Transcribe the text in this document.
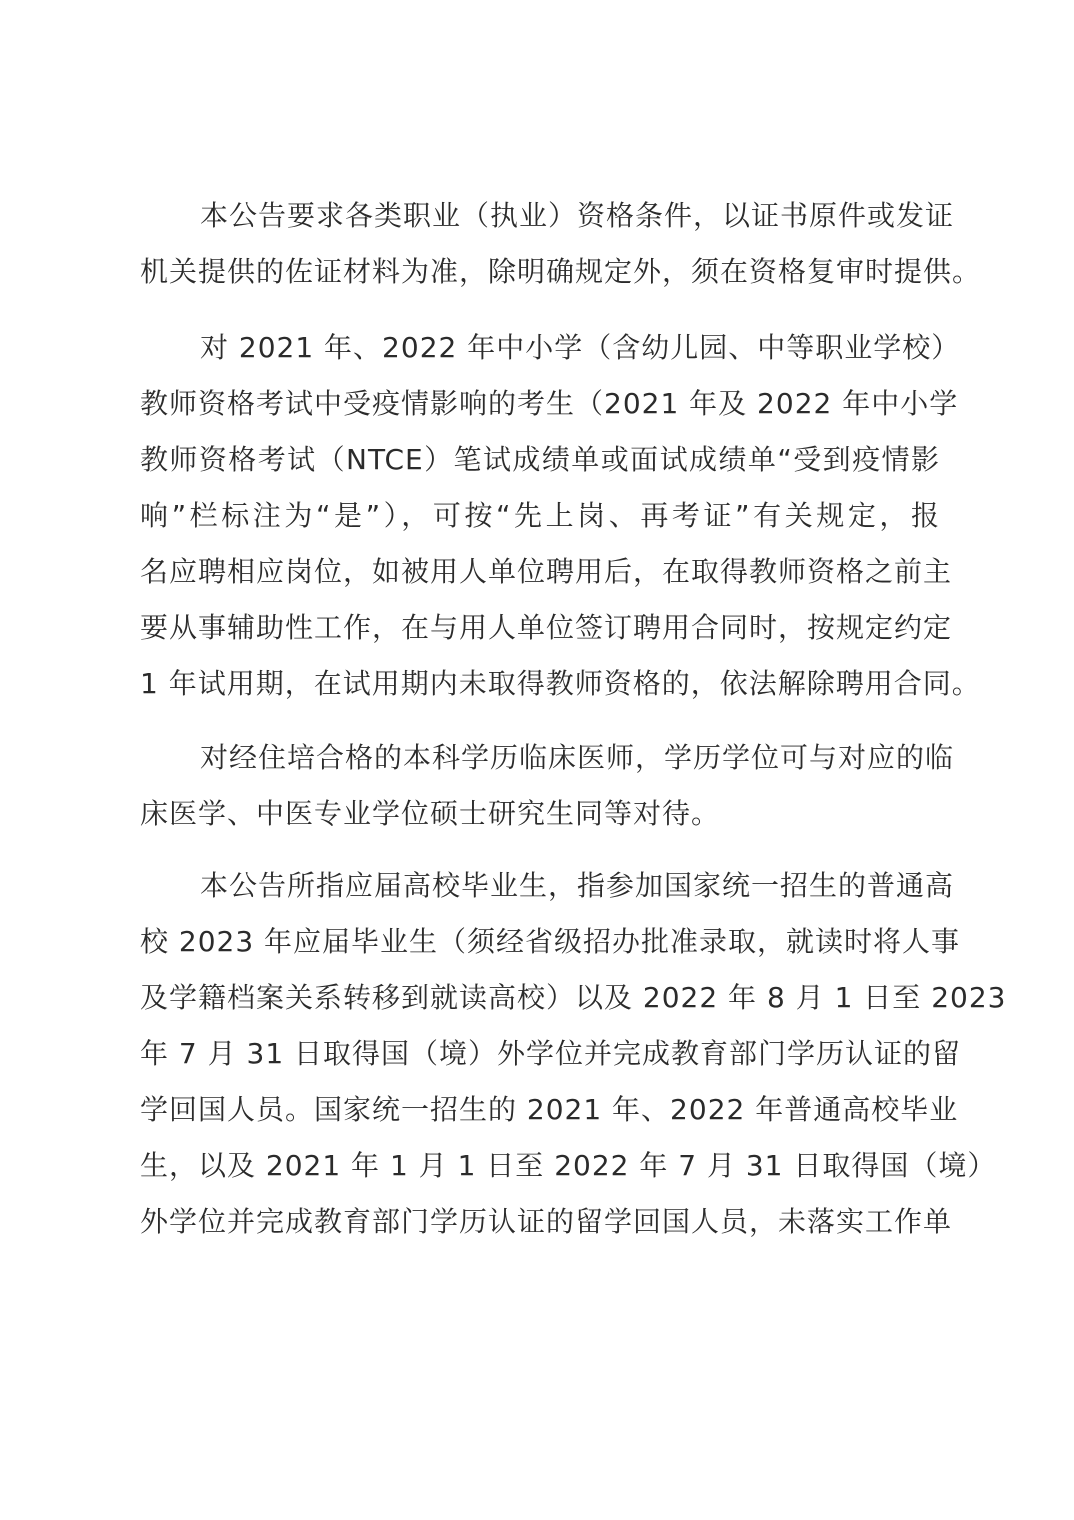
本公告要求各类职业（执业）资格条件，以证书原件或发证
机关提供的佐证材料为准，除明确规定外，须在资格复审时提供。
对 2021 年、2022 年中小学（含幼儿园、中等职业学校）
教师资格考试中受疫情影响的考生（2021 年及 2022 年中小学
教师资格考试（NTCE）笔试成绩单或面试成绩单“受到疫情影
响”栏标注为“是”），可按“先上岗、再考证”有关规定，报
名应聘相应岗位，如被用人单位聘用后，在取得教师资格之前主
要从事辅助性工作，在与用人单位签订聘用合同时，按规定约定
1 年试用期，在试用期内未取得教师资格的，依法解除聘用合同。
对经住培合格的本科学历临床医师，学历学位可与对应的临
床医学、中医专业学位硕士研究生同等对待。
本公告所指应届高校毕业生，指参加国家统一招生的普通高
校 2023 年应届毕业生（须经省级招办批准录取，就读时将人事
及学籍档案关系转移到就读高校）以及 2022 年 8 月 1 日至 2023
年 7 月 31 日取得国（境）外学位并完成教育部门学历认证的留
学回国人员。国家统一招生的 2021 年、2022 年普通高校毕业
生，以及 2021 年 1 月 1 日至 2022 年 7 月 31 日取得国（境）
外学位并完成教育部门学历认证的留学回国人员，未落实工作单
